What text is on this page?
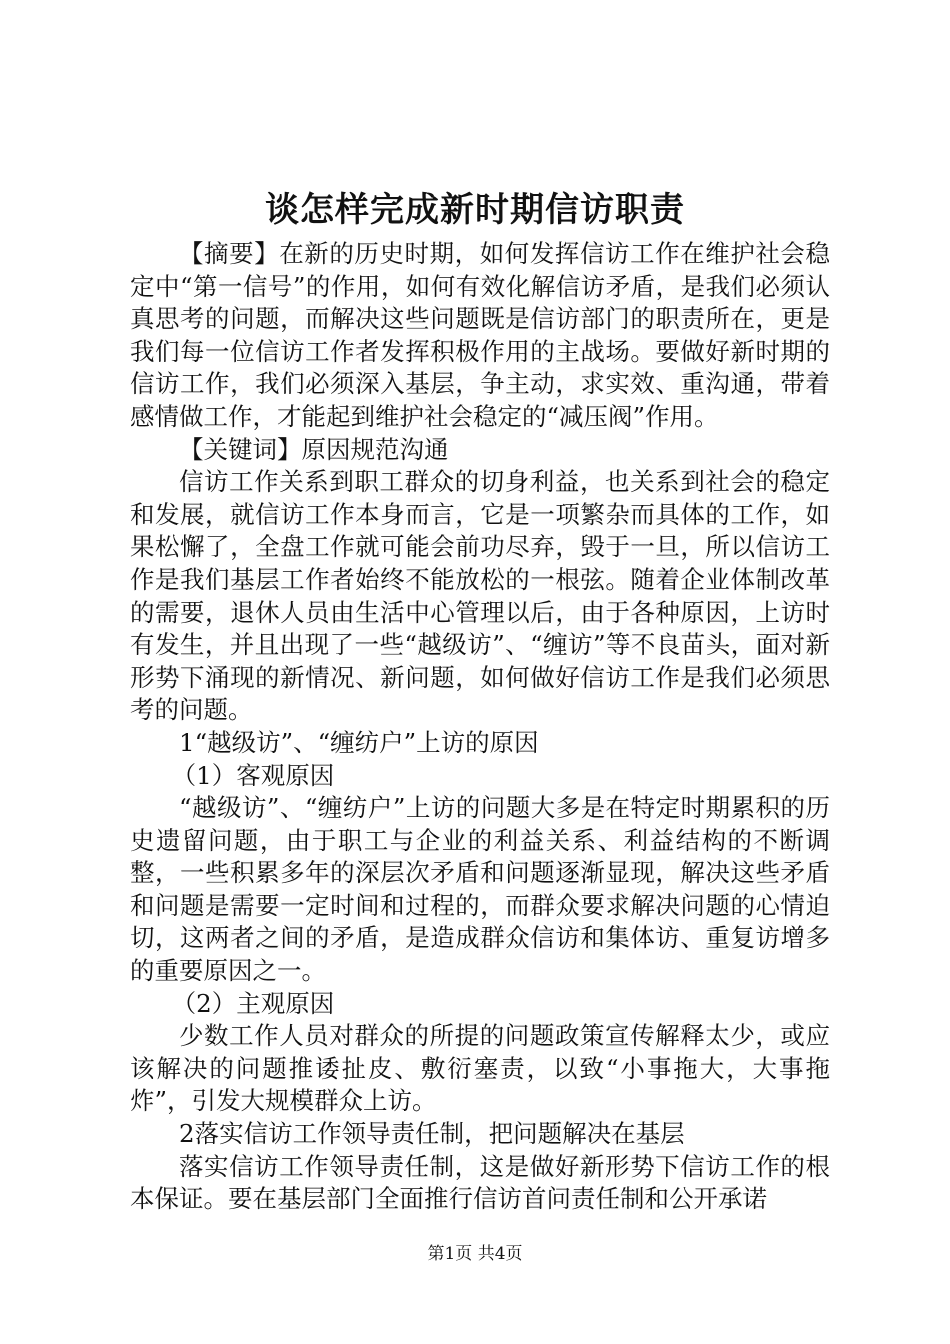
谈怎样完成新时期信访职责

【摘要】在新的历史时期，如何发挥信访工作在维护社会稳定中“第一信号”的作用，如何有效化解信访矛盾，是我们必须认真思考的问题，而解决这些问题既是信访部门的职责所在，更是我们每一位信访工作者发挥积极作用的主战场。要做好新时期的信访工作，我们必须深入基层，争主动，求实效、重沟通，带着感情做工作，才能起到维护社会稳定的“减压阀”作用。

【关键词】原因规范沟通

信访工作关系到职工群众的切身利益，也关系到社会的稳定和发展，就信访工作本身而言，它是一项繁杂而具体的工作，如果松懈了，全盘工作就可能会前功尽弃，毁于一旦，所以信访工作是我们基层工作者始终不能放松的一根弦。随着企业体制改革的需要，退休人员由生活中心管理以后，由于各种原因，上访时有发生，并且出现了一些“越级访”、“缠访”等不良苗头，面对新形势下涌现的新情况、新问题，如何做好信访工作是我们必须思考的问题。

1“越级访”、“缠纺户”上访的原因

（1）客观原因

“越级访”、“缠纺户”上访的问题大多是在特定时期累积的历史遗留问题，由于职工与企业的利益关系、利益结构的不断调整，一些积累多年的深层次矛盾和问题逐渐显现，解决这些矛盾和问题是需要一定时间和过程的，而群众要求解决问题的心情迫切，这两者之间的矛盾，是造成群众信访和集体访、重复访增多的重要原因之一。

（2）主观原因

少数工作人员对群众的所提的问题政策宣传解释太少，或应该解决的问题推诿扯皮、敷衍塞责，以致“小事拖大，大事拖炸”，引发大规模群众上访。

2落实信访工作领导责任制，把问题解决在基层

落实信访工作领导责任制，这是做好新形势下信访工作的根本保证。要在基层部门全面推行信访首问责任制和公开承诺

第1页 共4页
